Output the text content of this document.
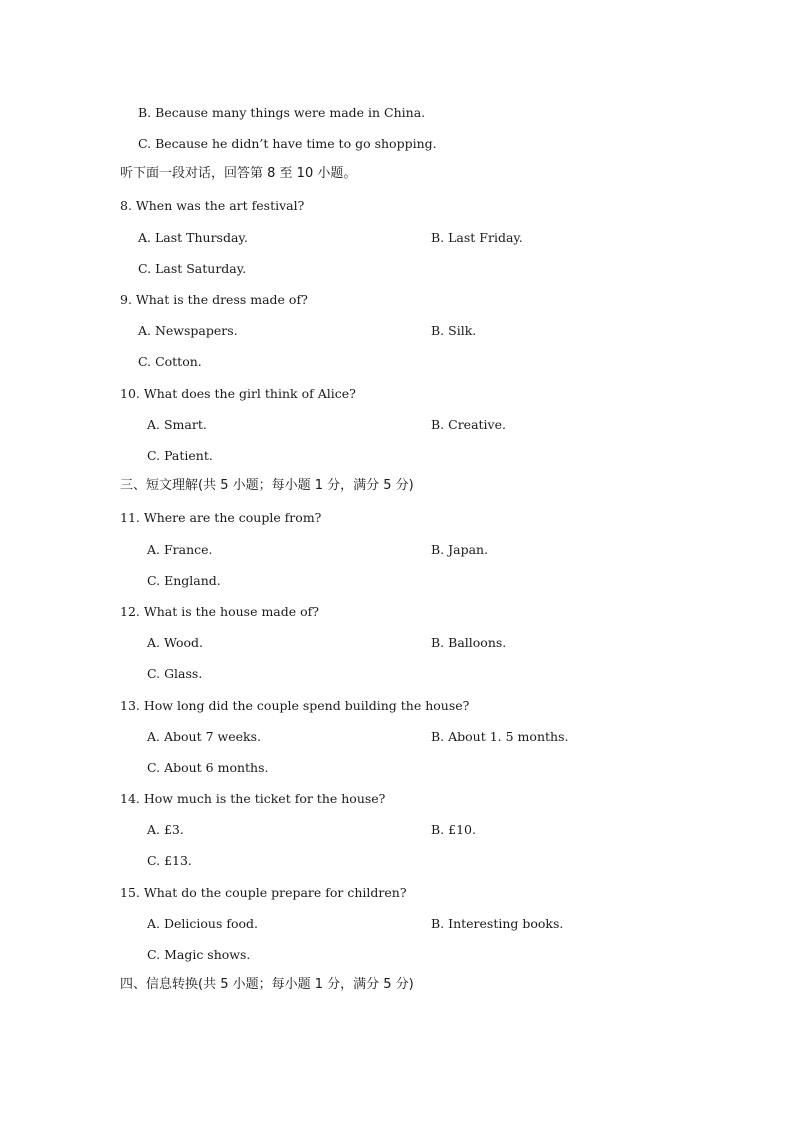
B. Because many things were made in China.
C. Because he didn’t have time to go shopping.
听下面一段对话，回答第 8 至 10 小题。
8. When was the art festival?
A. Last Thursday.	B. Last Friday.
C. Last Saturday.
9. What is the dress made of?
A. Newspapers.	B. Silk.
C. Cotton.
10. What does the girl think of Alice?
A. Smart.	B. Creative.
C. Patient.
三、短文理解(共 5 小题；每小题 1 分，满分 5 分)
11. Where are the couple from?
A. France.	B. Japan.
C. England.
12. What is the house made of?
A. Wood.	B. Balloons.
C. Glass.
13. How long did the couple spend building the house?
A. About 7 weeks.	B. About 1. 5 months.
C. About 6 months.
14. How much is the ticket for the house?
A. £3.	B. £10.
C. £13.
15. What do the couple prepare for children?
A. Delicious food.	B. Interesting books.
C. Magic shows.
四、信息转换(共 5 小题；每小题 1 分，满分 5 分)
